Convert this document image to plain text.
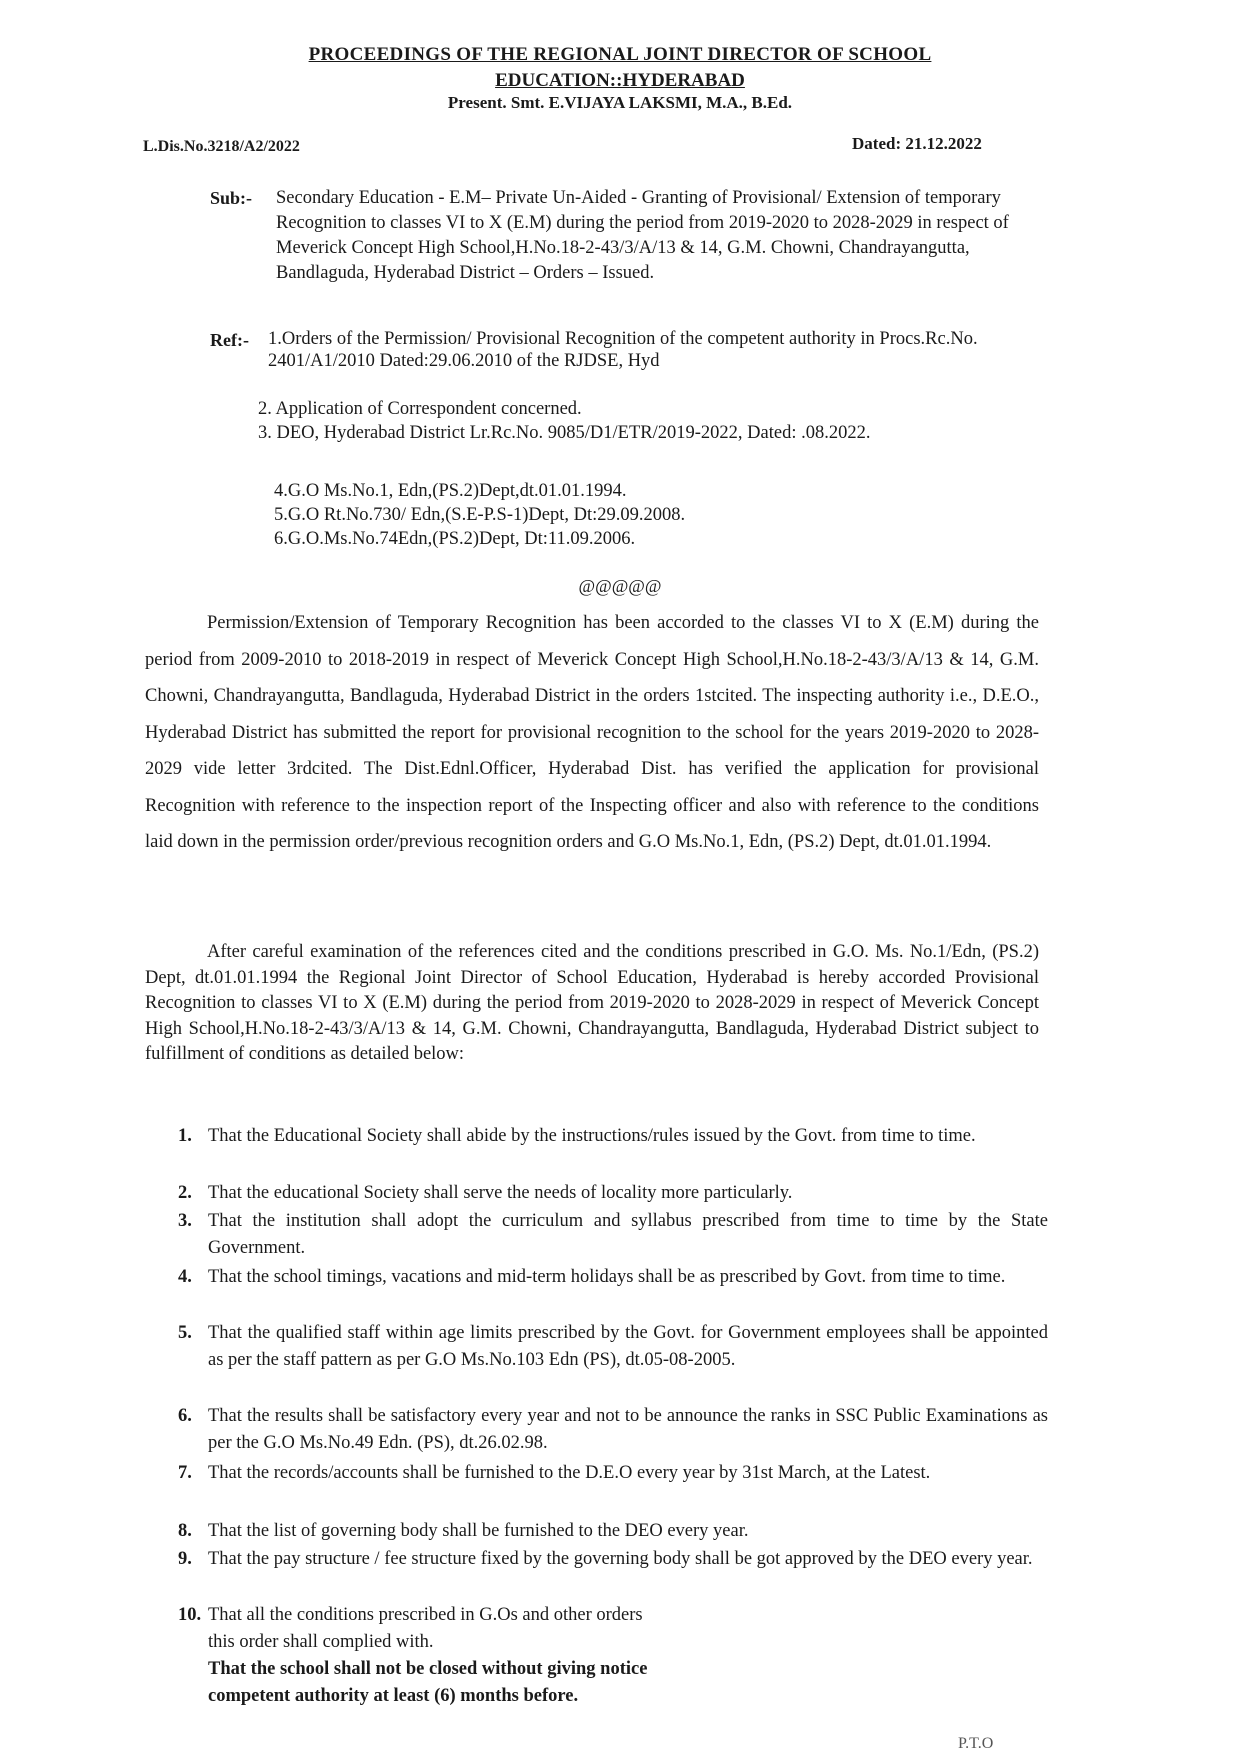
PROCEEDINGS OF THE REGIONAL JOINT DIRECTOR OF SCHOOL
EDUCATION::HYDERABAD
Present. Smt. E.VIJAYA LAKSMI, M.A., B.Ed.
L.Dis.No.3218/A2/2022	Dated: 21.12.2022
Sub:- Secondary Education - E.M– Private Un-Aided - Granting of Provisional/ Extension of temporary Recognition to classes VI to X (E.M) during the period from 2019-2020 to 2028-2029 in respect of Meverick Concept High School,H.No.18-2-43/3/A/13 & 14, G.M. Chowni, Chandrayangutta, Bandlaguda, Hyderabad District – Orders – Issued.
Ref:- 1.Orders of the Permission/ Provisional Recognition of the competent authority in Procs.Rc.No. 2401/A1/2010 Dated:29.06.2010 of the RJDSE, Hyd
2. Application of Correspondent concerned.
3. DEO, Hyderabad District Lr.Rc.No. 9085/D1/ETR/2019-2022, Dated: .08.2022.
4.G.O Ms.No.1, Edn,(PS.2)Dept,dt.01.01.1994.
5.G.O Rt.No.730/ Edn,(S.E-P.S-1)Dept, Dt:29.09.2008.
6.G.O.Ms.No.74Edn,(PS.2)Dept, Dt:11.09.2006.
@@@@@
Permission/Extension of Temporary Recognition has been accorded to the classes VI to X (E.M) during the period from 2009-2010 to 2018-2019 in respect of Meverick Concept High School,H.No.18-2-43/3/A/13 & 14, G.M. Chowni, Chandrayangutta, Bandlaguda, Hyderabad District in the orders 1stcited. The inspecting authority i.e., D.E.O., Hyderabad District has submitted the report for provisional recognition to the school for the years 2019-2020 to 2028-2029 vide letter 3rdcited. The Dist.Ednl.Officer, Hyderabad Dist. has verified the application for provisional Recognition with reference to the inspection report of the Inspecting officer and also with reference to the conditions laid down in the permission order/previous recognition orders and G.O Ms.No.1, Edn, (PS.2) Dept, dt.01.01.1994.
After careful examination of the references cited and the conditions prescribed in G.O. Ms. No.1/Edn, (PS.2) Dept, dt.01.01.1994 the Regional Joint Director of School Education, Hyderabad is hereby accorded Provisional Recognition to classes VI to X (E.M) during the period from 2019-2020 to 2028-2029 in respect of Meverick Concept High School,H.No.18-2-43/3/A/13 & 14, G.M. Chowni, Chandrayangutta, Bandlaguda, Hyderabad District subject to fulfillment of conditions as detailed below:
1. That the Educational Society shall abide by the instructions/rules issued by the Govt. from time to time.
2. That the educational Society shall serve the needs of locality more particularly.
3. That the institution shall adopt the curriculum and syllabus prescribed from time to time by the State Government.
4. That the school timings, vacations and mid-term holidays shall be as prescribed by Govt. from time to time.
5. That the qualified staff within age limits prescribed by the Govt. for Government employees shall be appointed as per the staff pattern as per G.O Ms.No.103 Edn (PS), dt.05-08-2005.
6. That the results shall be satisfactory every year and not to be announce the ranks in SSC Public Examinations as per the G.O Ms.No.49 Edn. (PS), dt.26.02.98.
7. That the records/accounts shall be furnished to the D.E.O every year by 31st March, at the Latest.
8. That the list of governing body shall be furnished to the DEO every year.
9. That the pay structure / fee structure fixed by the governing body shall be got approved by the DEO every year.
10. That all the conditions prescribed in G.Os and other orders
this order shall complied with.
That the school shall not be closed without giving notice
competent authority at least (6) months before.
P.T.O
